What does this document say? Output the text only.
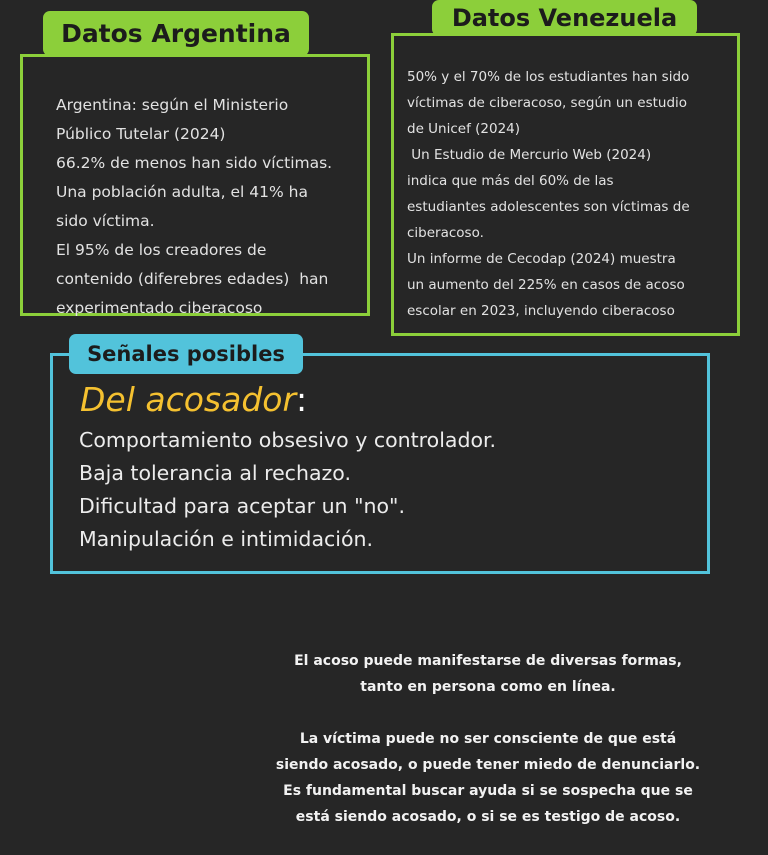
Argentina: según el Ministerio
Público Tutelar (2024)
66.2% de menos han sido víctimas.
Una población adulta, el 41% ha
sido víctima.
El 95% de los creadores de
contenido (diferebres edades)  han
experimentado ciberacoso
Datos Argentina
50% y el 70% de los estudiantes han sido
víctimas de ciberacoso, según un estudio
de Unicef (2024)
Un Estudio de Mercurio Web (2024)
indica que más del 60% de las
estudiantes adolescentes son víctimas de
ciberacoso.
Un informe de Cecodap (2024) muestra
un aumento del 225% en casos de acoso
escolar en 2023, incluyendo ciberacoso
Datos Venezuela
Señales posibles
Del acosador:
Comportamiento obsesivo y controlador.
Baja tolerancia al rechazo.
Dificultad para aceptar un "no".
Manipulación e intimidación.

El acoso puede manifestarse de diversas formas,

tanto en persona como en línea.

La víctima puede no ser consciente de que está

siendo acosado, o puede tener miedo de denunciarlo.

Es fundamental buscar ayuda si se sospecha que se

está siendo acosado, o si se es testigo de acoso.
